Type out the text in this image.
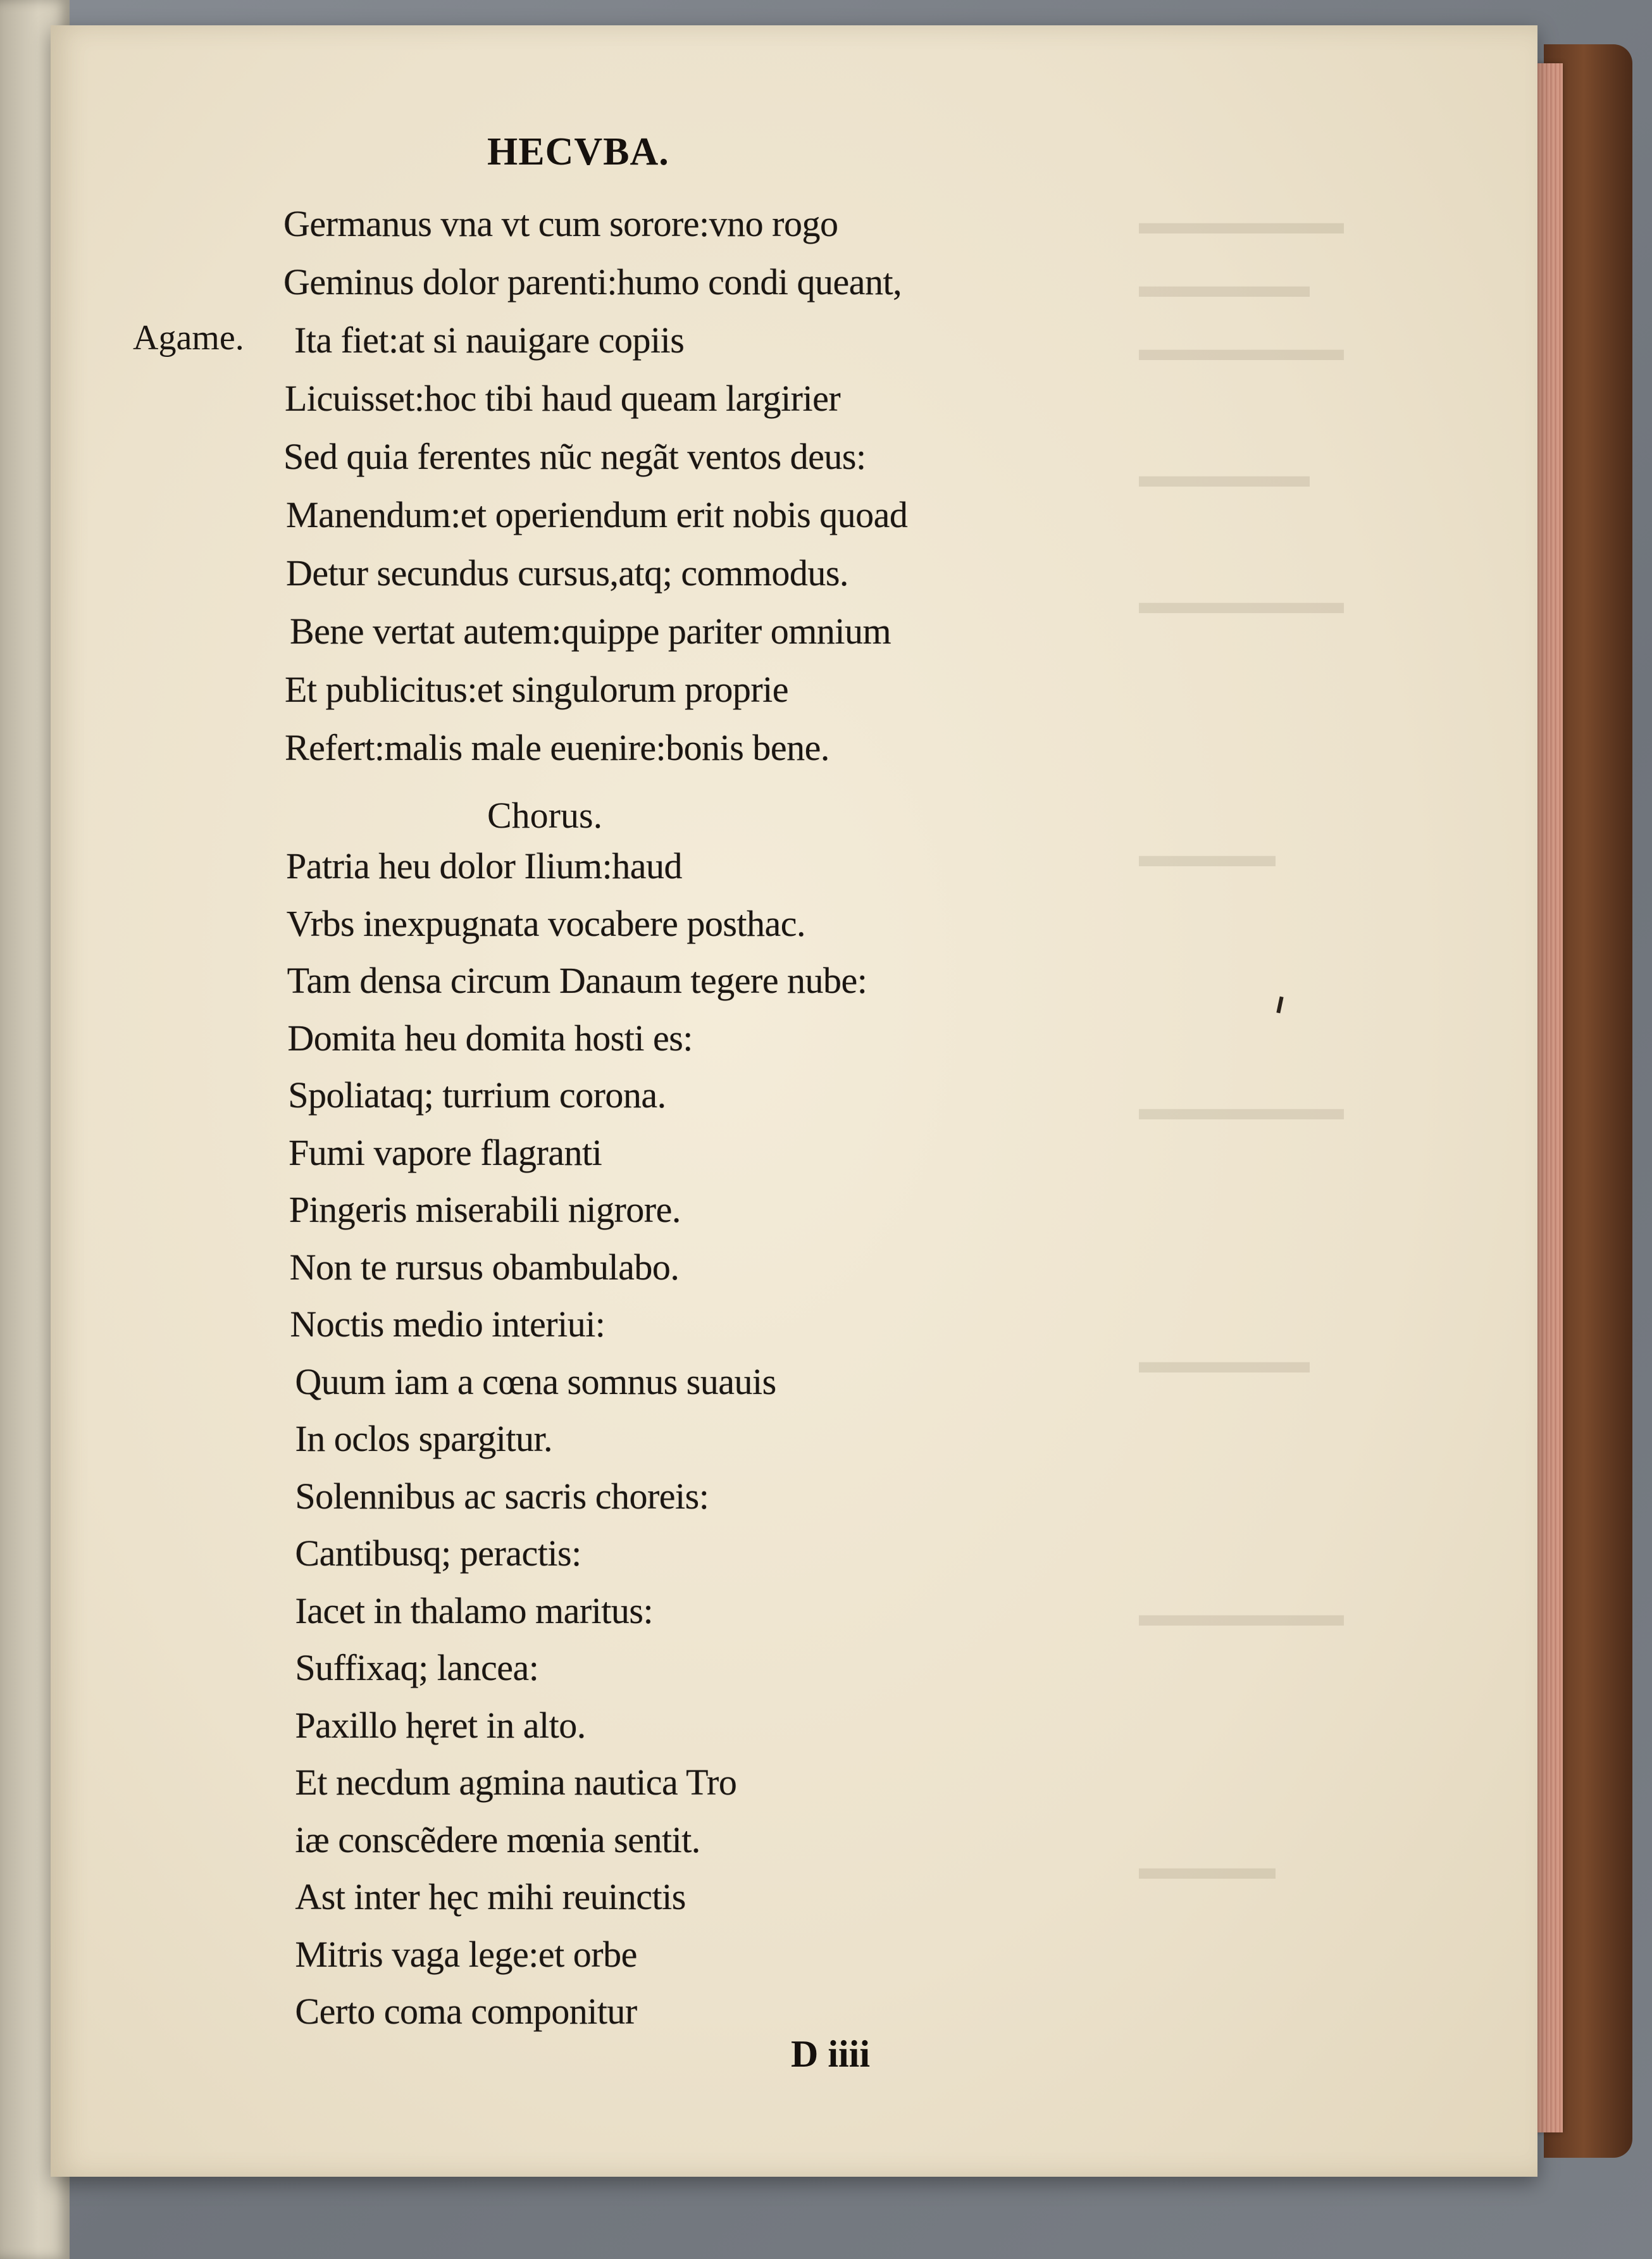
▬▬▬▬▬▬
▬▬▬▬▬
▬▬▬▬▬▬
▬▬▬▬▬
▬▬▬▬▬▬
▬▬▬▬
▬▬▬▬▬▬
▬▬▬▬▬
▬▬▬▬▬▬
▬▬▬▬
HECVBA.
Agame.
Germanus vna vt cum sorore:vno rogo
Geminus dolor parenti:humo condi queant,
Ita fiet:at si nauigare copiis
Licuisset:hoc tibi haud queam largirier
Sed quia ferentes nũc negãt ventos deus:
Manendum:et operiendum erit nobis quoad
Detur secundus cursus,atq; commodus.
Bene vertat autem:quippe pariter omnium
Et publicitus:et singulorum proprie
Refert:malis male euenire:bonis bene.
Chorus.
Patria heu dolor Ilium:haud
Vrbs inexpugnata vocabere posthac.
Tam densa circum Danaum tegere nube:
Domita heu domita hosti es:
Spoliataq; turrium corona.
Fumi vapore flagranti
Pingeris miserabili nigrore.
Non te rursus obambulabo.
Noctis medio interiui:
Quum iam a cœna somnus suauis
In oclos spargitur.
Solennibus ac sacris choreis:
Cantibusq; peractis:
Iacet in thalamo maritus:
Suffixaq; lancea:
Paxillo hęret in alto.
Et necdum agmina nautica Tro
iæ conscẽdere mœnia sentit.
Ast inter hęc mihi reuinctis
Mitris vaga lege:et orbe
Certo coma componitur
D iiii
